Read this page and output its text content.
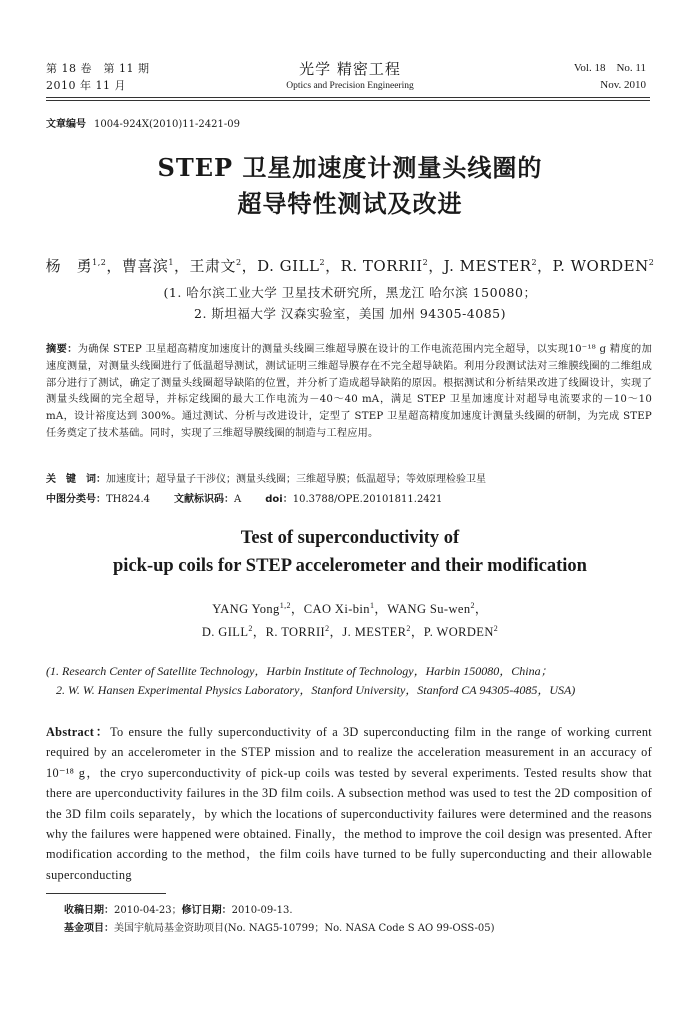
第 18 卷　第 11 期
2010 年 11 月
光学 精密工程
Optics and Precision Engineering
Vol. 18　No. 11
Nov. 2010
文章编号 1004-924X(2010)11-2421-09
STEP 卫星加速度计测量头线圈的
超导特性测试及改进
杨　勇$^{1,2}$，曹喜滨$^1$，王肃文$^2$，D. GILL$^2$，R. TORRII$^2$，J. MESTER$^2$，P. WORDEN$^2$
(1. 哈尔滨工业大学 卫星技术研究所，黑龙江 哈尔滨 150080；
2. 斯坦福大学 汉森实验室，美国 加州 94305-4085)
摘要：为确保 STEP 卫星超高精度加速度计的测量头线圈三维超导膜在设计的工作电流范围内完全超导，以实现10⁻¹⁸ g 精度的加速度测量，对测量头线圈进行了低温超导测试，测试证明三维超导膜存在不完全超导缺陷。利用分段测试法对三维膜线圈的二维组成部分进行了测试，确定了测量头线圈超导缺陷的位置，并分析了造成超导缺陷的原因。根据测试和分析结果改进了线圈设计，实现了测量头线圈的完全超导，并标定线圈的最大工作电流为－40～40 mA，满足 STEP 卫星加速度计对超导电流要求的－10～10 mA，设计裕度达到 300%。通过测试、分析与改进设计，定型了 STEP 卫星超高精度加速度计测量头线圈的研制，为完成 STEP 任务奠定了技术基础。同时，实现了三维超导膜线圈的制造与工程应用。
关　键　词：加速度计；超导量子干涉仪；测量头线圈；三维超导膜；低温超导；等效原理检验卫星
中图分类号：TH824.4 文献标识码：A doi：10.3788/OPE.20101811.2421
Test of superconductivity of
pick-up coils for STEP accelerometer and their modification
YANG Yong$^{1,2}$，CAO Xi-bin$^1$，WANG Su-wen$^2$，
D. GILL$^2$，R. TORRII$^2$，J. MESTER$^2$，P. WORDEN$^2$
(1. Research Center of Satellite Technology，Harbin Institute of Technology，Harbin 150080，China；
2. W. W. Hansen Experimental Physics Laboratory，Stanford University，Stanford CA 94305-4085，USA)
Abstract：To ensure the fully superconductivity of a 3D superconducting film in the range of working current required by an accelerometer in the STEP mission and to realize the acceleration measurement in an accuracy of 10⁻¹⁸ g，the cryo superconductivity of pick-up coils was tested by several experiments. Tested results show that there are uperconductivity failures in the 3D film coils. A subsection method was used to test the 2D composition of the 3D film coils separately，by which the locations of superconductivity failures were determined and the reasons why the failures were happened were obtained. Finally，the method to improve the coil design was presented. After modification according to the method，the film coils have turned to be fully superconducting and their allowable superconducting
收稿日期：2010-04-23；修订日期：2010-09-13.
基金项目：美国宇航局基金资助项目(No. NAG5-10799；No. NASA Code S AO 99-OSS-05)
